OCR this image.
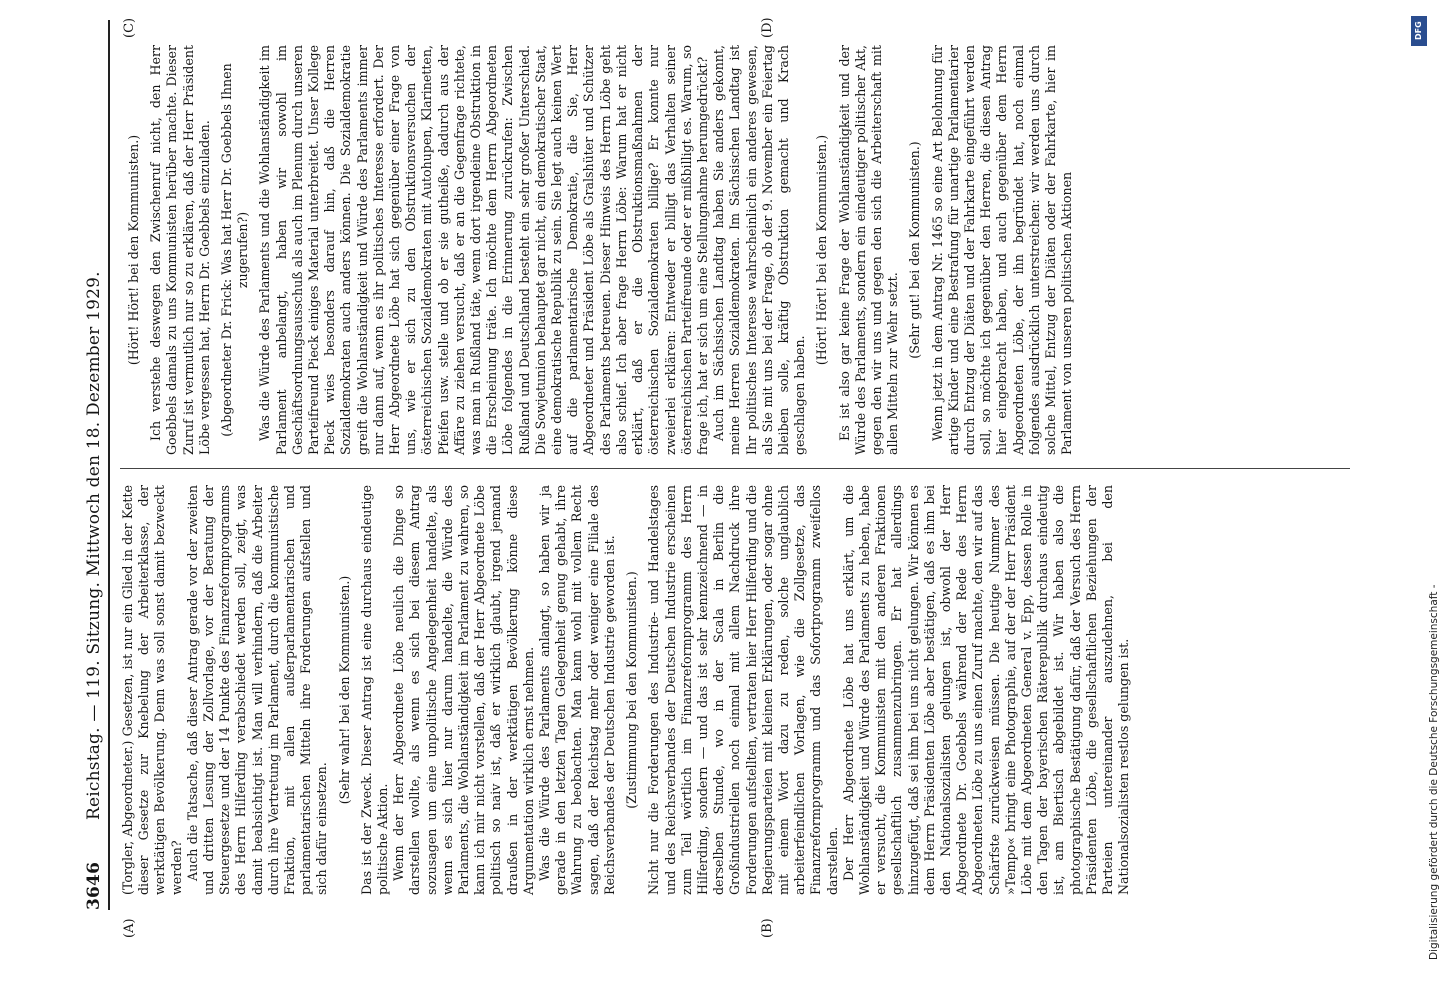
3646
Reichstag. — 119. Sitzung. Mittwoch den 18. Dezember 1929.
(A)	(B)
(C)	(D)

(Torgler, Abgeordneter.) Gesetzen, ist nur ein Glied in der Kette dieser Gesetze zur Knebelung der Arbeiterklasse, der werktätigen Bevölkerung. Denn was soll sonst damit bezweckt werden? Auch die Tatsache, daß dieser Antrag gerade vor der zweiten und dritten Lesung der Zollvorlage, vor der Beratung der Steuergesetze und der 14 Punkte des Finanzreformprogramms des Herrn Hilferding verabschiedet werden soll, zeigt, was damit beabsichtigt ist. Man will verhindern, daß die Arbeiter durch ihre Vertretung im Parlament, durch die kommunistische Fraktion, mit allen außerparlamentarischen und parlamentarischen Mitteln ihre Forderungen aufstellen und sich dafür einsetzen.

(Sehr wahr! bei den Kommunisten.) Das ist der Zweck. Dieser Antrag ist eine durchaus eindeutige politische Aktion. Wenn der Herr Abgeordnete Löbe neulich die Dinge so darstellen wollte, als wenn es sich bei diesem Antrag sozusagen um eine unpolitische Angelegenheit handelte, als wenn es sich hier nur darum handelte, die Würde des Parlaments, die Wohlanständigkeit im Parlament zu wahren, so kann ich mir nicht vorstellen, daß der Herr Abgeordnete Löbe politisch so naiv ist, daß er wirklich glaubt, irgend jemand draußen in der werktätigen Bevölkerung könne diese Argumentation wirklich ernst nehmen. Was die Würde des Parlaments anlangt, so haben wir ja gerade in den letzten Tagen Gelegenheit genug gehabt, ihre Wahrung zu beobachten. Man kann wohl mit vollem Recht sagen, daß der Reichstag mehr oder weniger eine Filiale des Reichsverbandes der Deutschen Industrie geworden ist. (Zustimmung bei den Kommunisten.) Nicht nur die Forderungen des Industrie- und Handelstages und des Reichsverbandes der Deutschen Industrie erscheinen zum Teil wörtlich im Finanzreformprogramm des Herrn Hilferding, sondern — und das ist sehr kennzeichnend — in derselben Stunde, wo in der Scala in Berlin die Großindustriellen noch einmal mit allem Nachdruck ihre Forderungen aufstellten, vertraten hier Herr Hilferding und die Regierungsparteien mit kleinen Erklärungen, oder sogar ohne mit einem Wort dazu zu reden, solche unglaublich arbeiterfeindlichen Vorlagen, wie die Zollgesetze, das Finanzreformprogramm und das Sofortprogramm zweifellos darstellen. Der Herr Abgeordnete Löbe hat uns erklärt, um die Wohlanständigkeit und Würde des Parlaments zu heben, habe er versucht, die Kommunisten mit den anderen Fraktionen gesellschaftlich zusammenzubringen. Er hat allerdings hinzugefügt, daß sei ihm bei uns nicht gelungen. Wir können es dem Herrn Präsidenten Löbe aber bestätigen, daß es ihm bei den Nationalsozialisten gelungen ist, obwohl der Herr Abgeordnete Dr. Goebbels während der Rede des Herrn Abgeordneten Löbe zu uns einen Zuruf machte, den wir auf das Schärfste zurückweisen müssen. Die heutige Nummer des »Tempo« bringt eine Photographie, auf der der Herr Präsident Löbe mit dem Abgeordneten General v. Epp, dessen Rolle in den Tagen der bayerischen Räterepublik durchaus eindeutig ist, am Biertisch abgebildet ist. Wir haben also die photographische Bestätigung dafür, daß der Versuch des Herrn Präsidenten Löbe, die gesellschaftlichen Beziehungen der Parteien untereinander auszudehnen, bei den Nationalsozialisten restlos gelungen ist.

(Hört! Hört! bei den Kommunisten.) Ich verstehe deswegen den Zwischenruf nicht, den Herr Goebbels damals zu uns Kommunisten herüber machte. Dieser Zuruf ist vermutlich nur so zu erklären, daß der Herr Präsident Löbe vergessen hat, Herrn Dr. Goebbels einzuladen. (Abgeordneter Dr. Frick: Was hat Herr Dr. Goebbels Ihnen zugerufen?) Was die Würde des Parlaments und die Wohlanständigkeit im Parlament anbelangt, haben wir sowohl im Geschäftsordnungsausschuß als auch im Plenum durch unseren Parteifreund Pieck einiges Material unterbreitet. Unser Kollege Pieck wies besonders darauf hin, daß die Herren Sozialdemokraten auch anders können. Die Sozialdemokratie greift die Wohlanständigkeit und Würde des Parlaments immer nur dann auf, wenn es ihr politisches Interesse erfordert. Der Herr Abgeordnete Löbe hat sich gegenüber einer Frage von uns, wie er sich zu den Obstruktionsversuchen der österreichischen Sozialdemokraten mit Autohupen, Klarinetten, Pfeifen usw. stelle und ob er sie gutheiße, dadurch aus der Affäre zu ziehen versucht, daß er an die Gegenfrage richtete, was man in Rußland täte, wenn dort irgendeine Obstruktion in die Erscheinung träte. Ich möchte dem Herrn Abgeordneten Löbe folgendes in die Erinnerung zurückrufen: Zwischen Rußland und Deutschland besteht ein sehr großer Unterschied. Die Sowjetunion behauptet gar nicht, ein demokratischer Staat, eine demokratische Republik zu sein. Sie legt auch keinen Wert auf die parlamentarische Demokratie, die Sie, Herr Abgeordneter und Präsident Löbe als Gralshüter und Schützer des Parlaments betreuen. Dieser Hinweis des Herrn Löbe geht also schief. Ich aber frage Herrn Löbe: Warum hat er nicht erklärt, daß er die Obstruktionsmaßnahmen der österreichischen Sozialdemokraten billige? Er konnte nur zweierlei erklären: Entweder er billigt das Verhalten seiner österreichischen Parteifreunde oder er mißbilligt es. Warum, so frage ich, hat er sich um eine Stellungnahme herumgedrückt? Auch im Sächsischen Landtag haben Sie anders gekonnt, meine Herren Sozialdemokraten. Im Sächsischen Landtag ist Ihr politisches Interesse wahrscheinlich ein anderes gewesen, als Sie mit uns bei der Frage, ob der 9. November ein Feiertag bleiben solle, kräftig Obstruktion gemacht und Krach geschlagen haben.

(Hört! Hört! bei den Kommunisten.) Es ist also gar keine Frage der Wohlanständigkeit und der Würde des Parlaments, sondern ein eindeutiger politischer Akt, gegen den wir uns und gegen den sich die Arbeiterschaft mit allen Mitteln zur Wehr setzt.

(Sehr gut! bei den Kommunisten.) Wenn jetzt in dem Antrag Nr. 1465 so eine Art Belohnung für artige Kinder und eine Bestrafung für unartige Parlamentarier durch Entzug der Diäten und der Fahrkarte eingeführt werden soll, so möchte ich gegenüber den Herren, die diesen Antrag hier eingebracht haben, und auch gegenüber dem Herrn Abgeordneten Löbe, der ihn begründet hat, noch einmal folgendes ausdrücklich unterstreichen: wir werden uns durch solche Mittel, Entzug der Diäten oder der Fahrkarte, hier im Parlament von unseren politischen Aktionen

DFG
Digitalisierung gefördert durch die Deutsche Forschungsgemeinschaft -
